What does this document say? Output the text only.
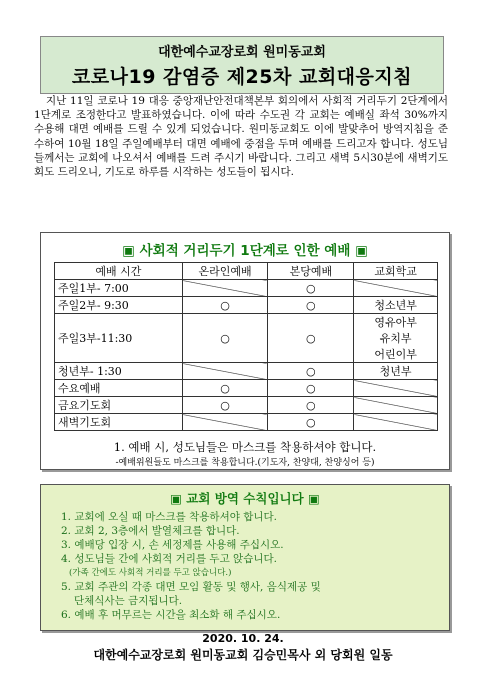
대한예수교장로회 원미동교회
코로나19 감염증 제25차 교회대응지침
지난 11일 코로나 19 대응 중앙재난안전대책본부 회의에서 사회적 거리두기 2단계에서 1단계로 조정한다고 발표하였습니다. 이에 따라 수도권 각 교회는 예배실 좌석 30%까지 수용해 대면 예배를 드릴 수 있게 되었습니다. 원미동교회도 이에 발맞추어 방역지침을 준수하여 10월 18일 주일예배부터 대면 예배에 중점을 두며 예배를 드리고자 합니다. 성도님들께서는 교회에 나오셔서 예배를 드려 주시기 바랍니다. 그리고 새벽 5시30분에 새벽기도회도 드리오니, 기도로 하루를 시작하는 성도들이 됩시다.
▣ 사회적 거리두기 1단계로 인한 예배 ▣
예배 시간	온라인예배	본당예배	교회학교
주일1부- 7:00		○	
주일2부- 9:30	○	○	청소년부
주일3부-11:30	○	○	영유아부
유치부
어린이부
청년부- 1:30		○	청년부
수요예배	○	○	
금요기도회	○	○	
새벽기도회		○	
1. 예배 시, 성도님들은 마스크를 착용하셔야 합니다.
-예배위원들도 마스크를 착용합니다.(기도자, 찬양대, 찬양싱어 등)
▣ 교회 방역 수칙입니다 ▣
1. 교회에 오실 때 마스크를 착용하셔야 합니다.
2. 교회 2, 3층에서 발열체크를 합니다.
3. 예배당 입장 시, 손 세정제를 사용해 주십시오.
4. 성도님들 간에 사회적 거리를 두고 앉습니다.
(가족 간에도 사회적 거리를 두고 앉습니다.)
5. 교회 주관의 각종 대면 모임 활동 및 행사, 음식제공 및
단체식사는 금지됩니다.
6. 예배 후 머무르는 시간을 최소화 해 주십시오.
2020. 10. 24.
대한예수교장로회 원미동교회 김승민목사 외 당회원 일동
